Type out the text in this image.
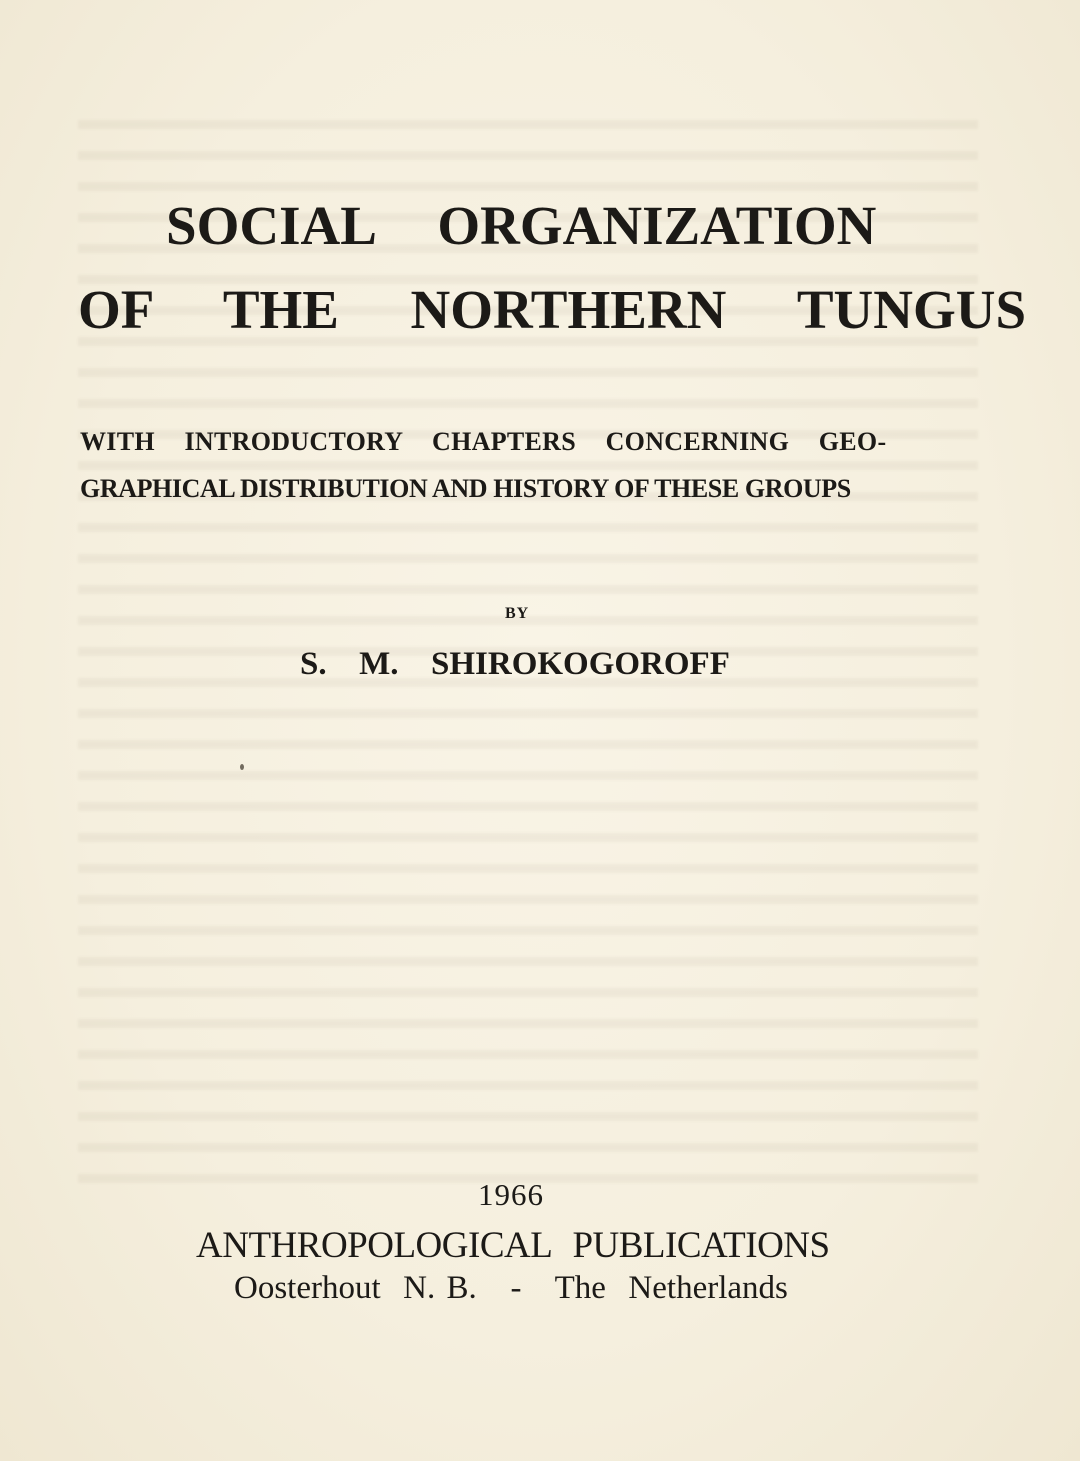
SOCIAL  ORGANIZATION

OF  THE  NORTHERN  TUNGUS

WITH  INTRODUCTORY  CHAPTERS  CONCERNING  GEO-

GRAPHICAL DISTRIBUTION AND HISTORY OF THESE GROUPS

BY

S.  M.  SHIROKOGOROFF

1966

ANTHROPOLOGICAL  PUBLICATIONS

Oosterhout  N. B.   -   The  Netherlands
